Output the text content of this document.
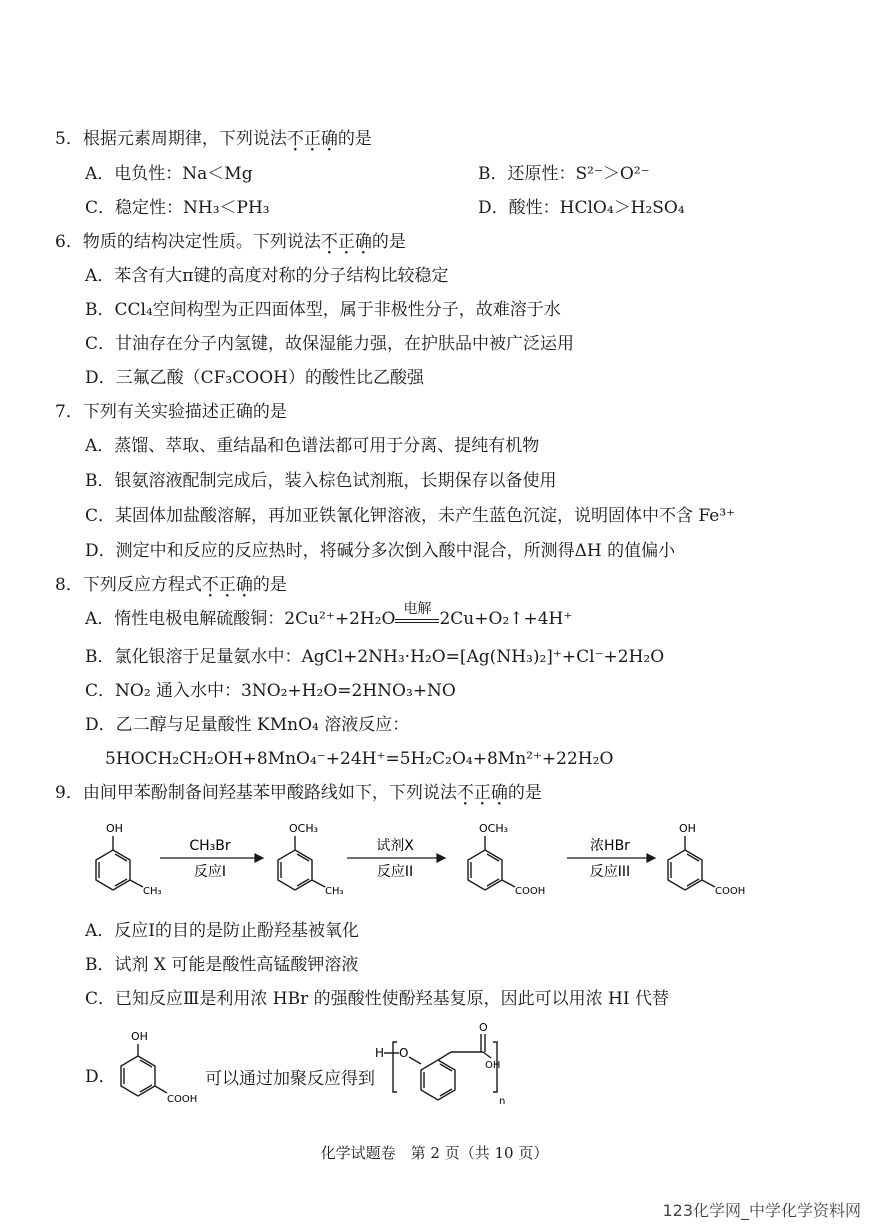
5．根据元素周期律，下列说法不正确的是
A．电负性：Na＜Mg	B．还原性：S²⁻＞O²⁻
C．稳定性：NH₃＜PH₃	D．酸性：HClO₄＞H₂SO₄
6．物质的结构决定性质。下列说法不正确的是
A．苯含有大π键的高度对称的分子结构比较稳定
B．CCl₄空间构型为正四面体型，属于非极性分子，故难溶于水
C．甘油存在分子内氢键，故保湿能力强，在护肤品中被广泛运用
D．三氟乙酸（CF₃COOH）的酸性比乙酸强
7．下列有关实验描述正确的是
A．蒸馏、萃取、重结晶和色谱法都可用于分离、提纯有机物
B．银氨溶液配制完成后，装入棕色试剂瓶，长期保存以备使用
C．某固体加盐酸溶解，再加亚铁氰化钾溶液，未产生蓝色沉淀，说明固体中不含 Fe³⁺
D．测定中和反应的反应热时，将碱分多次倒入酸中混合，所测得ΔH 的值偏小
8．下列反应方程式不正确的是
A．惰性电极电解硫酸铜：2Cu²⁺+2H₂O 电解 2Cu+O₂↑+4H⁺
B．氯化银溶于足量氨水中：AgCl+2NH₃·H₂O=[Ag(NH₃)₂]⁺+Cl⁻+2H₂O
C．NO₂ 通入水中：3NO₂+H₂O=2HNO₃+NO
D．乙二醇与足量酸性 KMnO₄ 溶液反应：
5HOCH₂CH₂OH+8MnO₄⁻+24H⁺=5H₂C₂O₄+8Mn²⁺+22H₂O
9．由间甲苯酚制备间羟基苯甲酸路线如下，下列说法不正确的是
OH
CH₃
OCH₃
CH₃
OCH₃
COOH
OH
COOH
CH₃Br
反应I
试剂X
反应II
浓HBr
反应III
A．反应Ⅰ的目的是防止酚羟基被氧化
B．试剂 X 可能是酸性高锰酸钾溶液
C．已知反应Ⅲ是利用浓 HBr 的强酸性使酚羟基复原，因此可以用浓 HI 代替
D．
OH
COOH
可以通过加聚反应得到
H O
O
OH
n
化学试题卷　第 2 页（共 10 页）
123化学网_中学化学资料网
